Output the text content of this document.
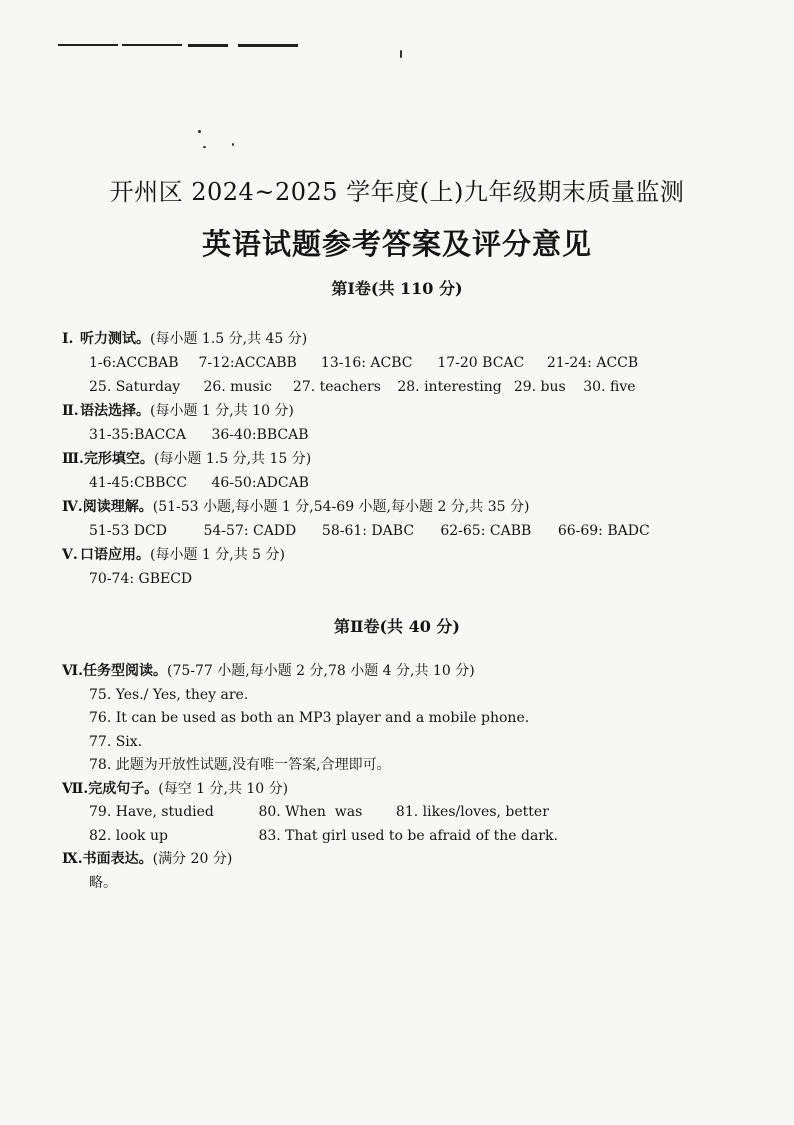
开州区 2024~2025 学年度(上)九年级期末质量监测
英语试题参考答案及评分意见
第Ⅰ卷(共 110 分)
Ⅰ. 听力测试。(每小题 1.5 分,共 45 分)
1-6:ACCBAB 7-12:ACCABB 13-16: ACBC 17-20 BCAC 21-24: ACCB
25. Saturday 26. music 27. teachers 28. interesting 29. bus 30. five
Ⅱ.语法选择。(每小题 1 分,共 10 分)
31-35:BACCA 36-40:BBCAB
Ⅲ.完形填空。(每小题 1.5 分,共 15 分)
41-45:CBBCC 46-50:ADCAB
Ⅳ.阅读理解。(51-53 小题,每小题 1 分,54-69 小题,每小题 2 分,共 35 分)
51-53 DCD	54-57: CADD 58-61: DABC 62-65: CABB 66-69: BADC
Ⅴ. 口语应用。(每小题 1 分,共 5 分)
70-74: GBECD
第Ⅱ卷(共 40 分)
Ⅵ.任务型阅读。(75-77 小题,每小题 2 分,78 小题 4 分,共 10 分)
75. Yes./ Yes, they are.
76. It can be used as both an MP3 player and a mobile phone.
77. Six.
78. 此题为开放性试题,没有唯一答案,合理即可。
Ⅶ.完成句子。(每空 1 分,共 10 分)
79. Have, studied	80. When  was 81. likes/loves, better
82. look up	83. That girl used to be afraid of the dark.
Ⅸ.书面表达。(满分 20 分)
略。
